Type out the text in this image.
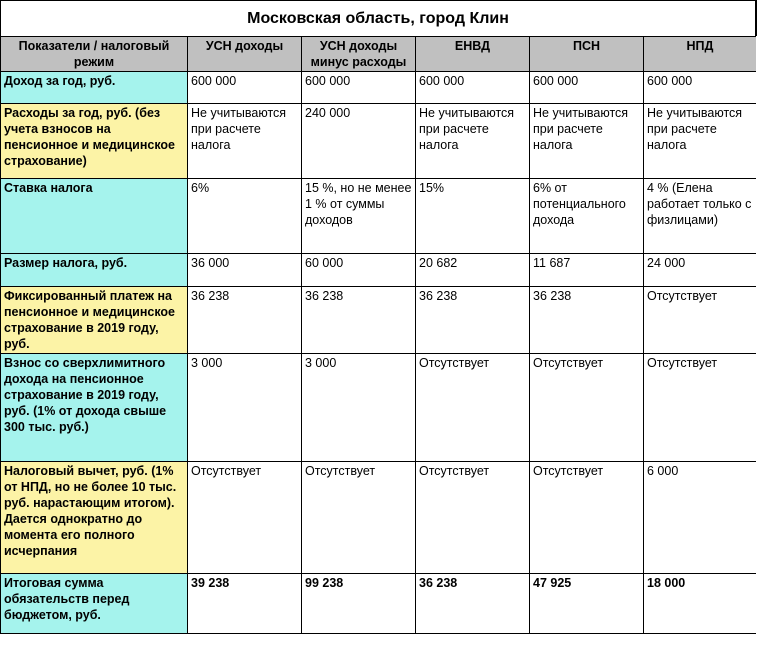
Московская область, город Клин
Показатели / налоговый режим	УСН доходы	УСН доходы минус расходы	ЕНВД	ПСН	НПД
Доход за год, руб.	600 000	600 000	600 000	600 000	600 000
Расходы за год, руб. (без учета взносов на пенсионное и медицинское страхование)	Не учитываются при расчете налога	240 000	Не учитываются при расчете налога	Не учитываются при расчете налога	Не учитываются при расчете налога
Ставка налога	6%	15 %, но не менее 1 % от суммы доходов	15%	6% от потенциального дохода	4 % (Елена работает только с физлицами)
Размер налога, руб.	36 000	60 000	20 682	11 687	24 000
Фиксированный платеж на пенсионное и медицинское страхование в 2019 году, руб.	36 238	36 238	36 238	36 238	Отсутствует
Взнос со сверхлимитного дохода на пенсионное страхование в 2019 году, руб. (1% от дохода свыше 300 тыс. руб.)	3 000	3 000	Отсутствует	Отсутствует	Отсутствует
Налоговый вычет, руб. (1% от НПД, но не более 10 тыс. руб. нарастающим итогом). Дается однократно до момента его полного исчерпания	Отсутствует	Отсутствует	Отсутствует	Отсутствует	6 000
Итоговая сумма обязательств перед бюджетом, руб.	39 238	99 238	36 238	47 925	18 000
